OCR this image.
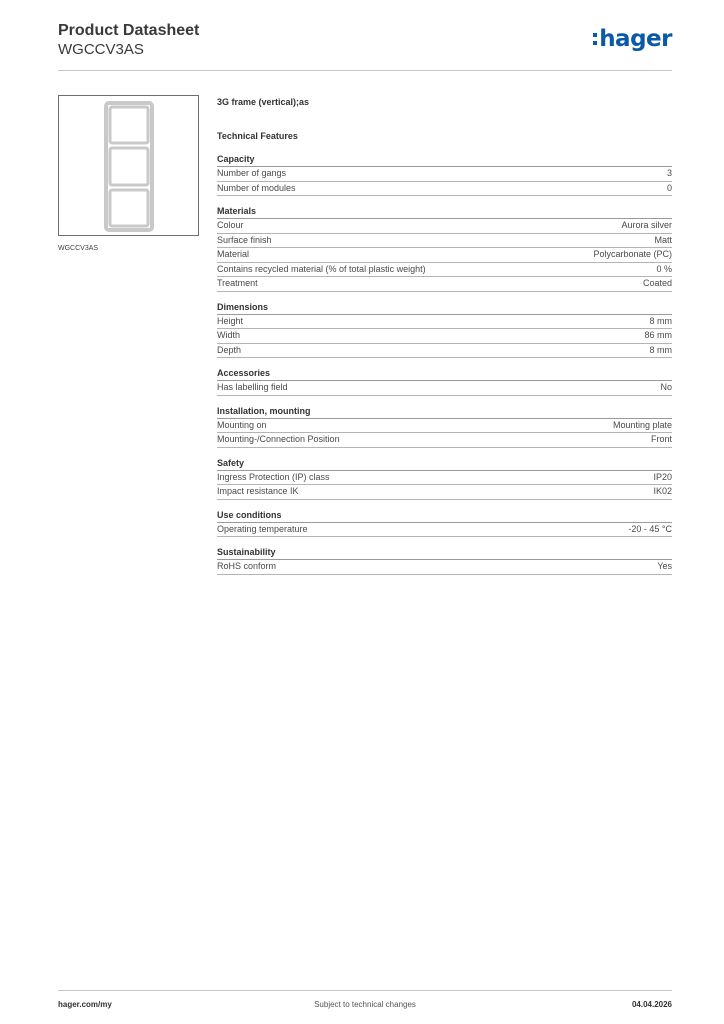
Product Datasheet
WGCCV3AS	hager
WGCCV3AS
3G frame (vertical);as
Technical Features
Capacity
Number of gangs	3
Number of modules	0
Materials
Colour	Aurora silver
Surface finish	Matt
Material	Polycarbonate (PC)
Contains recycled material (% of total plastic weight)	0 %
Treatment	Coated
Dimensions
Height	8 mm
Width	86 mm
Depth	8 mm
Accessories
Has labelling field	No
Installation, mounting
Mounting on	Mounting plate
Mounting-/Connection Position	Front
Safety
Ingress Protection (IP) class	IP20
Impact resistance IK	IK02
Use conditions
Operating temperature	-20 - 45 °C
Sustainability
RoHS conform	Yes
hager.com/my	Subject to technical changes	04.04.2026
